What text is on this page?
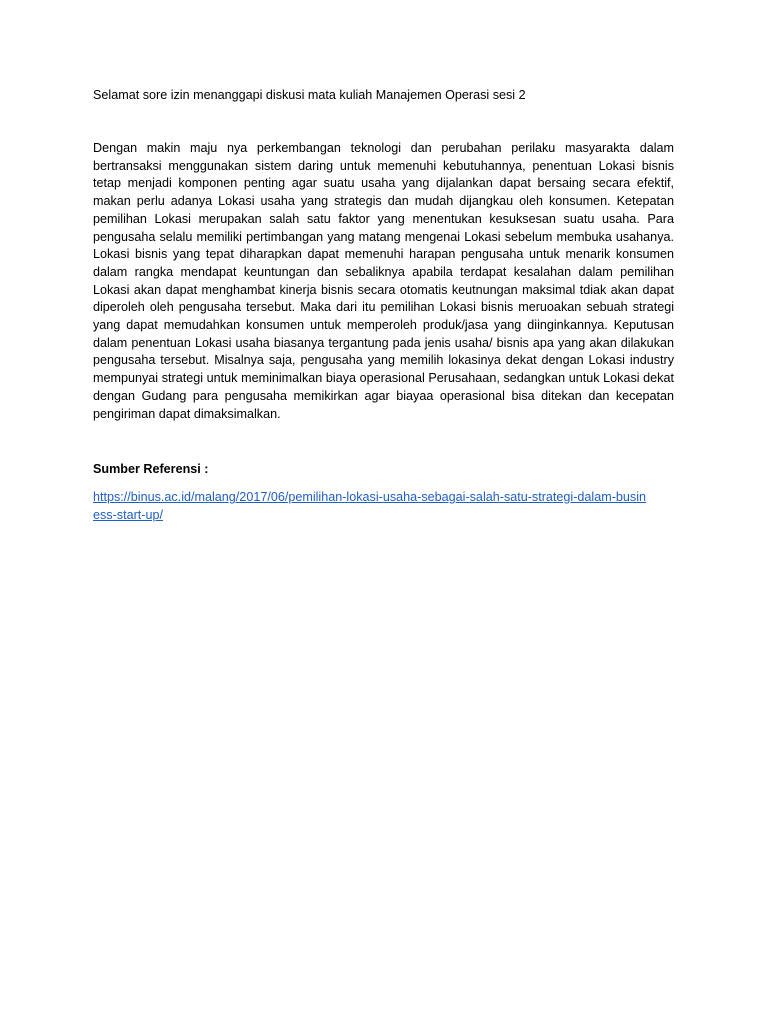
Selamat sore izin menanggapi diskusi mata kuliah Manajemen Operasi sesi 2

Dengan makin maju nya perkembangan teknologi dan perubahan perilaku masyarakta dalam bertransaksi menggunakan sistem daring untuk memenuhi kebutuhannya, penentuan Lokasi bisnis tetap menjadi komponen penting agar suatu usaha yang dijalankan dapat bersaing secara efektif, makan perlu adanya Lokasi usaha yang strategis dan mudah dijangkau oleh konsumen. Ketepatan pemilihan Lokasi merupakan salah satu faktor yang menentukan kesuksesan suatu usaha. Para pengusaha selalu memiliki pertimbangan yang matang mengenai Lokasi sebelum membuka usahanya. Lokasi bisnis yang tepat diharapkan dapat memenuhi harapan pengusaha untuk menarik konsumen dalam rangka mendapat keuntungan dan sebaliknya apabila terdapat kesalahan dalam pemilihan Lokasi akan dapat menghambat kinerja bisnis secara otomatis keutnungan maksimal tdiak akan dapat diperoleh oleh pengusaha tersebut. Maka dari itu pemilihan Lokasi bisnis meruoakan sebuah strategi yang dapat memudahkan konsumen untuk memperoleh produk/jasa yang diinginkannya. Keputusan dalam penentuan Lokasi usaha biasanya tergantung pada jenis usaha/ bisnis apa yang akan dilakukan pengusaha tersebut. Misalnya saja, pengusaha yang memilih lokasinya dekat dengan Lokasi industry mempunyai strategi untuk meminimalkan biaya operasional Perusahaan, sedangkan untuk Lokasi dekat dengan Gudang para pengusaha memikirkan agar biayaa operasional bisa ditekan dan kecepatan pengiriman dapat dimaksimalkan.

Sumber Referensi :

https://binus.ac.id/malang/2017/06/pemilihan-lokasi-usaha-sebagai-salah-satu-strategi-dalam-business-start-up/
